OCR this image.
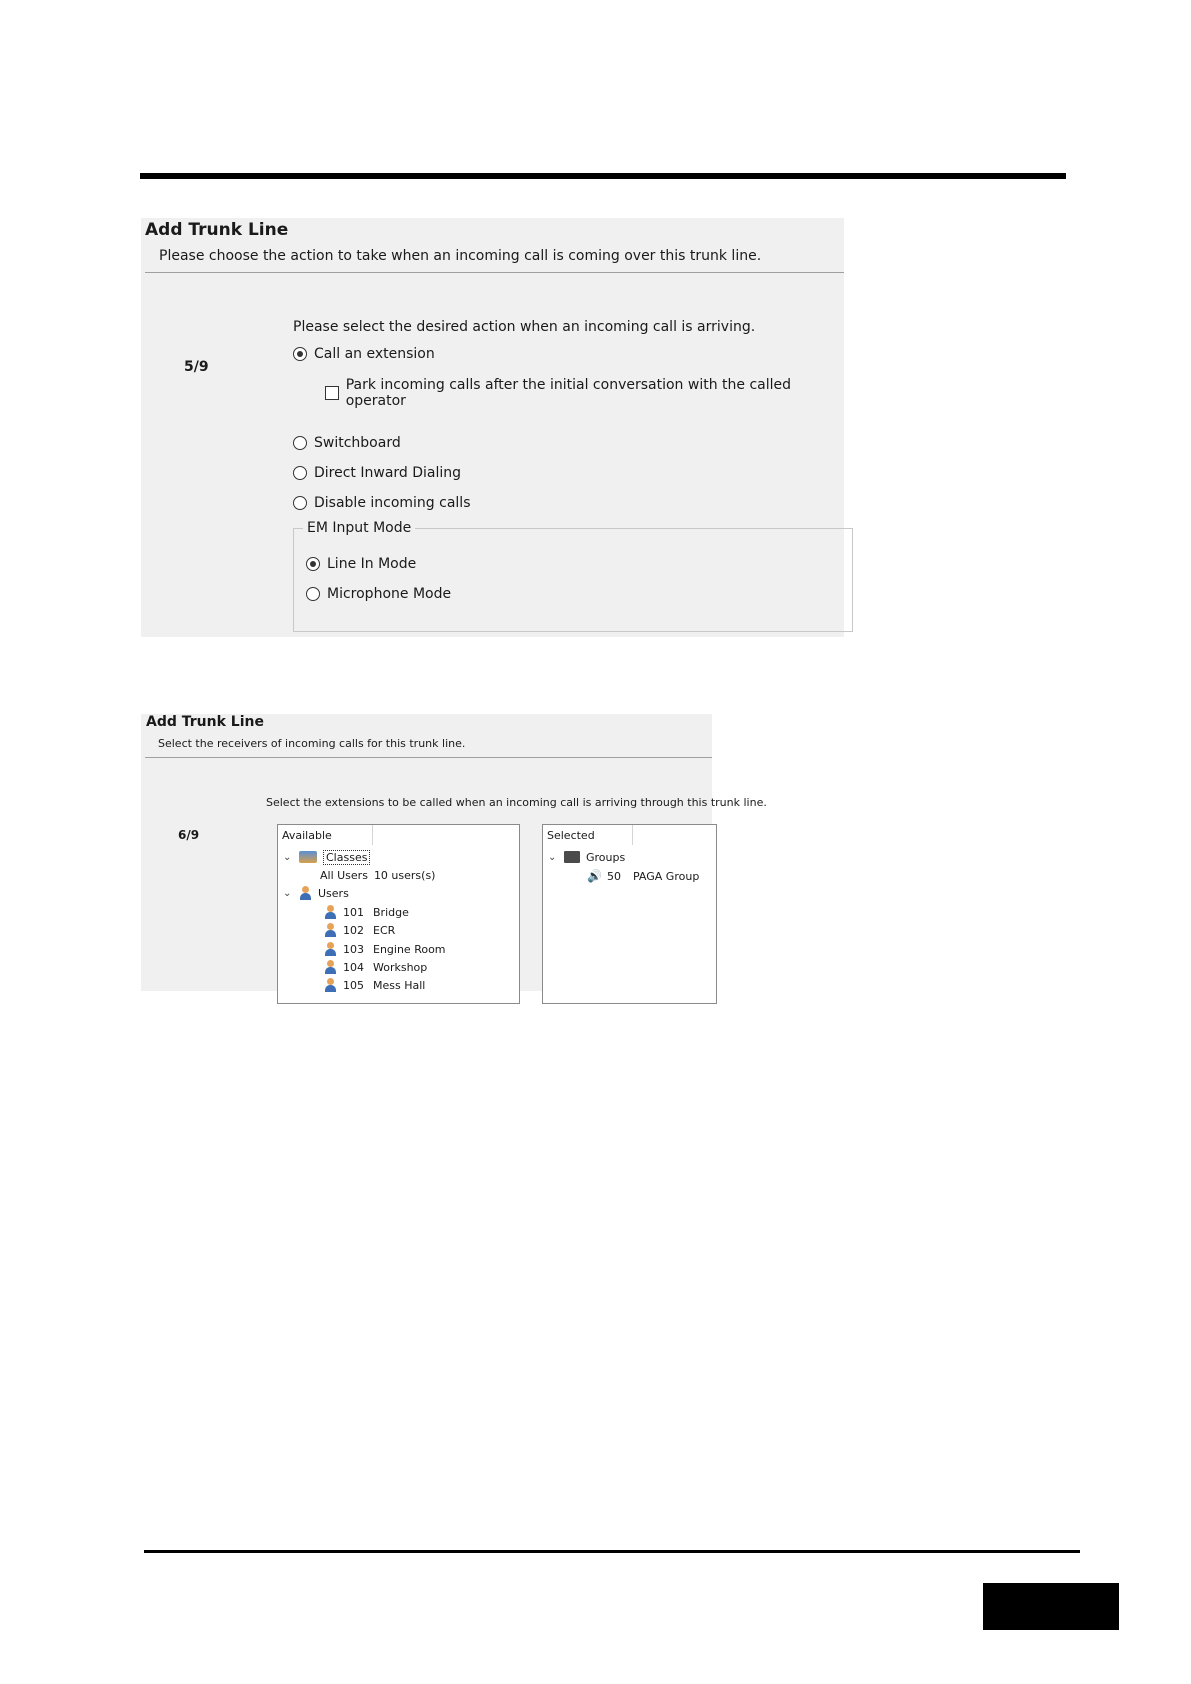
Add Trunk Line
Please choose the action to take when an incoming call is coming over this trunk line.
5/9
Please select the desired action when an incoming call is arriving.
Call an extension
Park incoming calls after the initial conversation with the called operator
Switchboard
Direct Inward Dialing
Disable incoming calls
EM Input Mode
Line In Mode
Microphone Mode
Add Trunk Line
Select the receivers of incoming calls for this trunk line.
Select the extensions to be called when an incoming call is arriving through this trunk line.
6/9	Available
⌄	Classes
All Users 10 users(s)
⌄ Users
101 Bridge
102 ECR
103 Engine Room
104 Workshop
105 Mess Hall
Selected
⌄	Groups
🔊 50	PAGA Group
